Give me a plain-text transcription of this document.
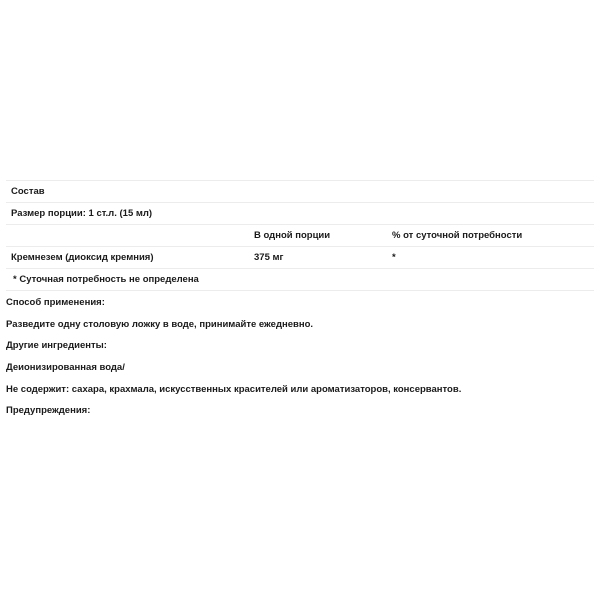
Состав		
Размер порции: 1 ст.л. (15 мл)		
	В одной порции	% от суточной потребности
Кремнезем (диоксид кремния)	375 мг	*
* Суточная потребность не определена		

Способ применения:

Разведите одну столовую ложку в воде, принимайте ежедневно.

Другие ингредиенты:

Деионизированная вода/

Не содержит: сахара, крахмала, искусственных красителей или ароматизаторов, консервантов.

Предупреждения:
